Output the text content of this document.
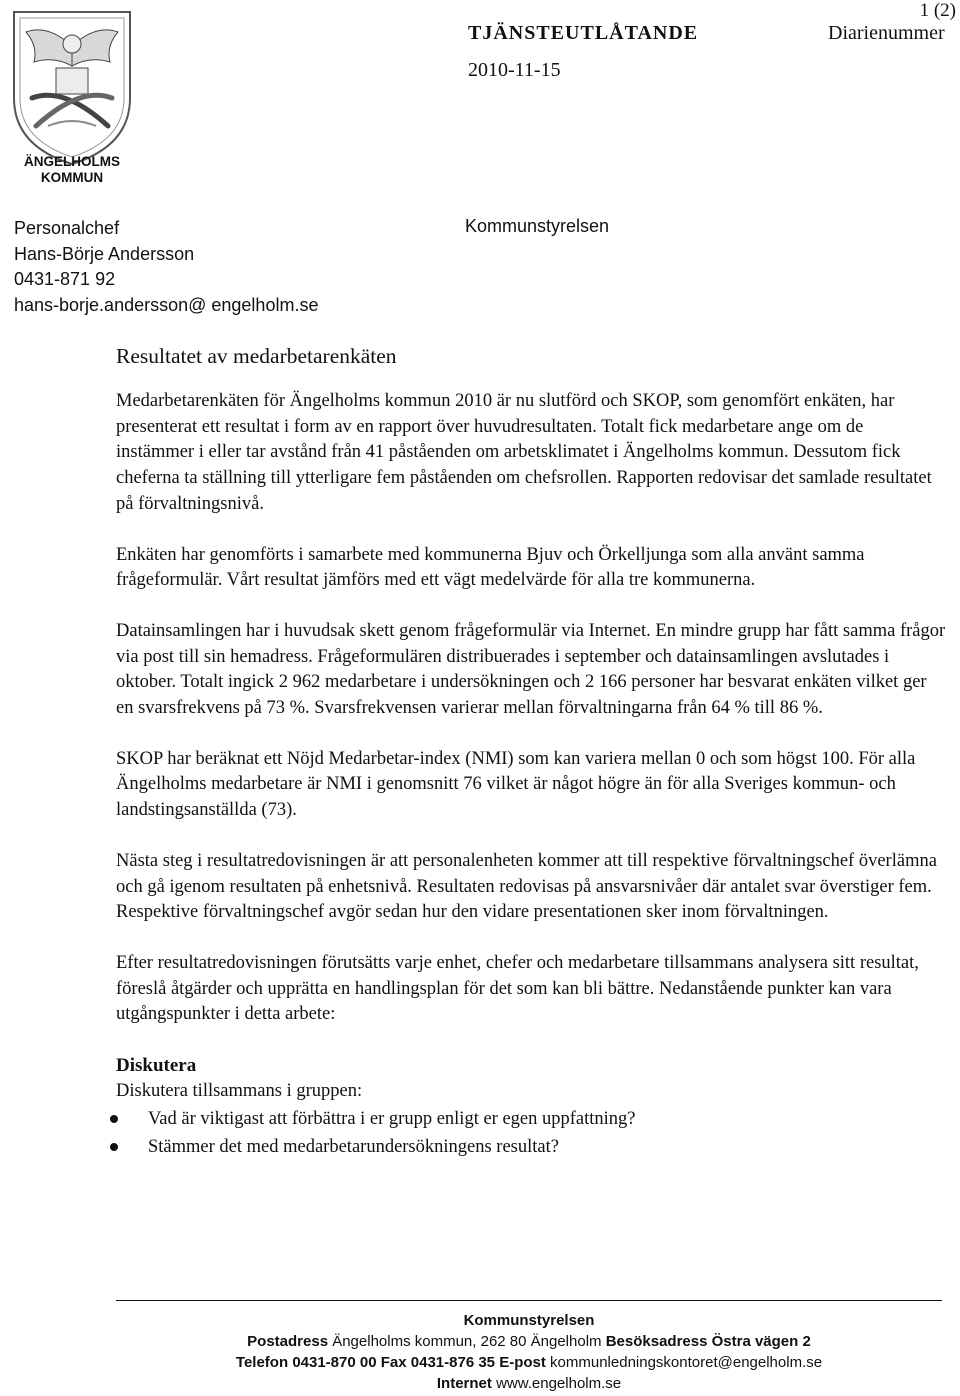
ÄNGELHOLMS
KOMMUN
1 (2)
TJÄNSTEUTLÅTANDE	Diarienummer
2010-11-15
Personalchef
Hans-Börje Andersson
0431-871 92
hans-borje.andersson@ engelholm.se
Kommunstyrelsen
Resultatet av medarbetarenkäten

Medarbetarenkäten för Ängelholms kommun 2010 är nu slutförd och SKOP, som genomfört enkäten, har presenterat ett resultat i form av en rapport över huvudresultaten. Totalt fick medarbetare ange om de instämmer i eller tar avstånd från 41 påståenden om arbetsklimatet i Ängelholms kommun. Dessutom fick cheferna ta ställning till ytterligare fem påståenden om chefsrollen. Rapporten redovisar det samlade resultatet på förvaltningsnivå.

Enkäten har genomförts i samarbete med kommunerna Bjuv och Örkelljunga som alla använt samma frågeformulär. Vårt resultat jämförs med ett vägt medelvärde för alla tre kommunerna.

Datainsamlingen har i huvudsak skett genom frågeformulär via Internet. En mindre grupp har fått samma frågor via post till sin hemadress. Frågeformulären distribuerades i september och datainsamlingen avslutades i oktober. Totalt ingick 2 962 medarbetare i undersökningen och 2 166 personer har besvarat enkäten vilket ger en svarsfrekvens på 73 %. Svarsfrekvensen varierar mellan förvaltningarna från 64 % till 86 %.

SKOP har beräknat ett Nöjd Medarbetar-index (NMI) som kan variera mellan 0 och som högst 100. För alla Ängelholms medarbetare är NMI i genomsnitt 76 vilket är något högre än för alla Sveriges kommun- och landstingsanställda (73).

Nästa steg i resultatredovisningen är att personalenheten kommer att till respektive förvaltningschef överlämna och gå igenom resultaten på enhetsnivå. Resultaten redovisas på ansvarsnivåer där antalet svar överstiger fem. Respektive förvaltningschef avgör sedan hur den vidare presentationen sker inom förvaltningen.

Efter resultatredovisningen förutsätts varje enhet, chefer och medarbetare tillsammans analysera sitt resultat, föreslå åtgärder och upprätta en handlingsplan för det som kan bli bättre. Nedanstående punkter kan vara utgångspunkter i detta arbete:

Diskutera

Diskutera tillsammans i gruppen:

Vad är viktigast att förbättra i er grupp enligt er egen uppfattning?
Stämmer det med medarbetarundersökningens resultat?
Kommunstyrelsen
Postadress Ängelholms kommun, 262 80 Ängelholm Besöksadress Östra vägen 2
Telefon 0431-870 00 Fax 0431-876 35 E-post kommunledningskontoret@engelholm.se
Internet www.engelholm.se
